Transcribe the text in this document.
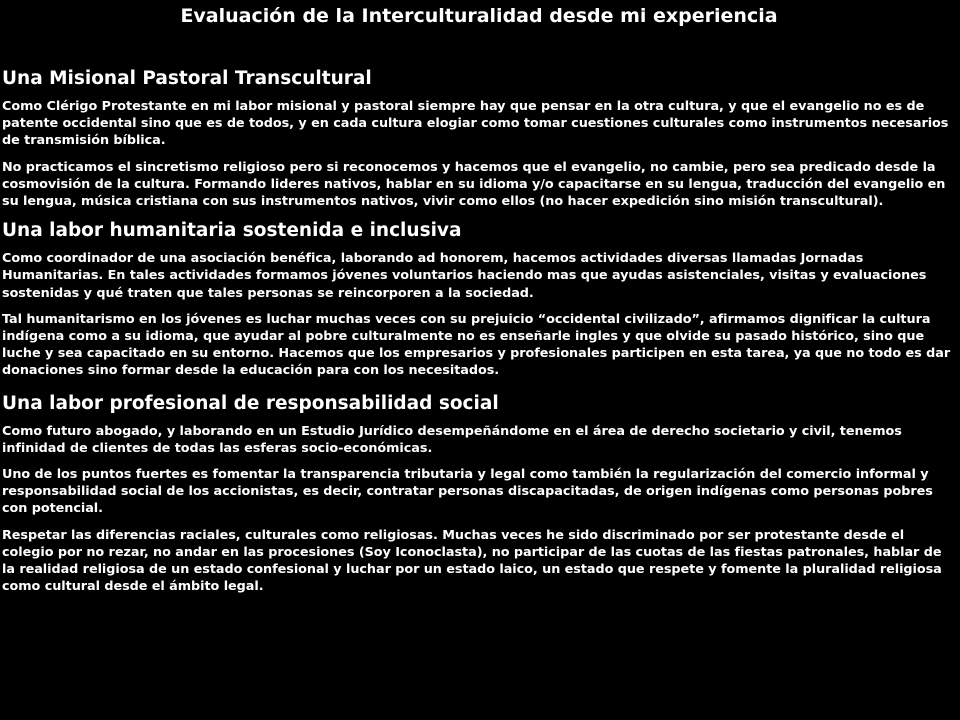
Evaluación de la Interculturalidad desde mi experiencia
Una Misional Pastoral Transcultural

Como Clérigo Protestante en mi labor misional y pastoral siempre hay que pensar en la otra cultura, y que el evangelio no es de patente occidental sino que es de todos, y en cada cultura elogiar como tomar cuestiones culturales como instrumentos necesarios de transmisión bíblica.

No practicamos el sincretismo religioso pero si reconocemos y hacemos que el evangelio, no cambie, pero sea predicado desde la cosmovisión de la cultura. Formando lideres nativos, hablar en su idioma y/o capacitarse en su lengua, traducción del evangelio en su lengua, música cristiana con sus instrumentos nativos, vivir como ellos (no hacer expedición sino misión transcultural).

Una labor humanitaria sostenida e inclusiva

Como coordinador de una asociación benéfica, laborando ad honorem, hacemos actividades diversas llamadas Jornadas Humanitarias. En tales actividades formamos jóvenes voluntarios haciendo mas que ayudas asistenciales, visitas y evaluaciones sostenidas y qué traten que tales personas se reincorporen a la sociedad.

Tal humanitarismo en los jóvenes es luchar muchas veces con su prejuicio “occidental civilizado”, afirmamos dignificar la cultura indígena como a su idioma, que ayudar al pobre culturalmente no es enseñarle ingles y que olvide su pasado histórico, sino que luche y sea capacitado en su entorno. Hacemos que los empresarios y profesionales participen en esta tarea, ya que no todo es dar donaciones sino formar desde la educación para con los necesitados.

Una labor profesional de responsabilidad social

Como futuro abogado, y laborando en un Estudio Jurídico desempeñándome en el área de derecho societario y civil, tenemos infinidad de clientes de todas las esferas socio-económicas.

Uno de los puntos fuertes es fomentar la transparencia tributaria y legal como también la regularización del comercio informal y responsabilidad social de los accionistas, es decir, contratar personas discapacitadas, de origen indígenas como personas pobres con potencial.

Respetar las diferencias raciales, culturales como religiosas. Muchas veces he sido discriminado por ser protestante desde el colegio por no rezar, no andar en las procesiones (Soy Iconoclasta), no participar de las cuotas de las fiestas patronales, hablar de la realidad religiosa de un estado confesional y luchar por un estado laico, un estado que respete y fomente la pluralidad religiosa como cultural desde el ámbito legal.
